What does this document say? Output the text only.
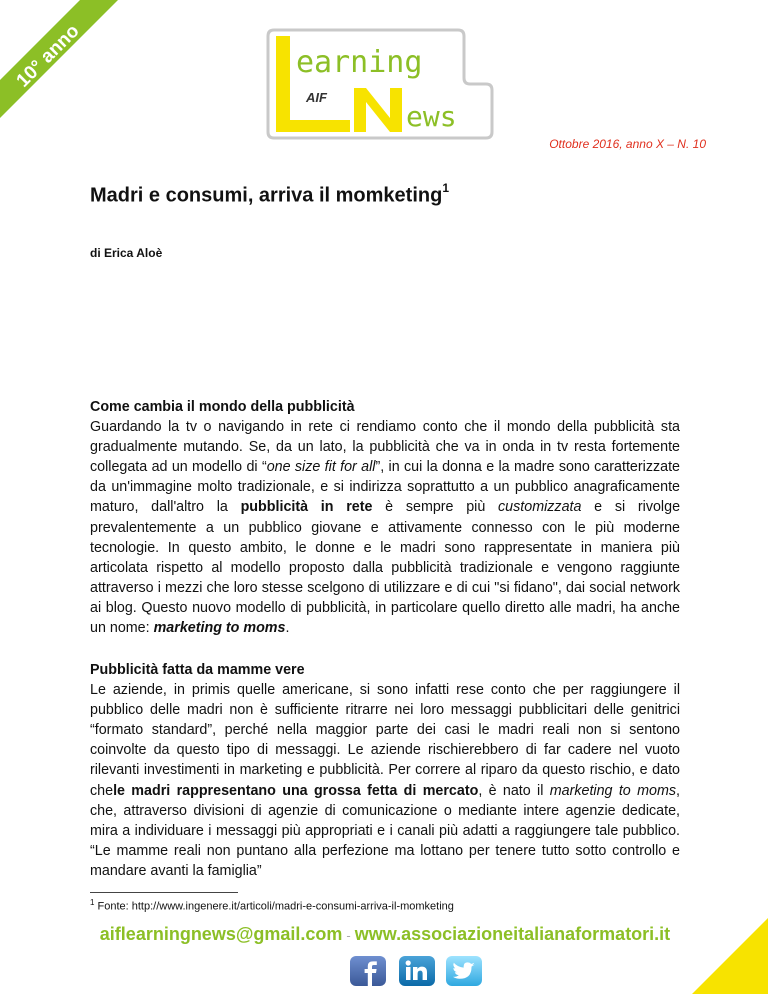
10° anno	earning
AIF
ews
Ottobre 2016, anno X – N. 10
Madri e consumi, arriva il momketing$^1$
di Erica Aloè
Come cambia il mondo della pubblicità

Guardando la tv o navigando in rete ci rendiamo conto che il mondo della pubblicità sta gradualmente mutando. Se, da un lato, la pubblicità che va in onda in tv resta fortemente collegata ad un modello di “one size fit for all”, in cui la donna e la madre sono caratterizzate da un'immagine molto tradizionale, e si indirizza soprattutto a un pubblico anagraficamente maturo, dall'altro la pubblicità in rete è sempre più customizzata e si rivolge prevalentemente a un pubblico giovane e attivamente connesso con le più moderne tecnologie. In questo ambito, le donne e le madri sono rappresentate in maniera più articolata rispetto al modello proposto dalla pubblicità tradizionale e vengono raggiunte attraverso i mezzi che loro stesse scelgono di utilizzare e di cui "si fidano", dai social network ai blog. Questo nuovo modello di pubblicità, in particolare quello diretto alle madri, ha anche un nome: marketing to moms.

Pubblicità fatta da mamme vere

Le aziende, in primis quelle americane, si sono infatti rese conto che per raggiungere il pubblico delle madri non è sufficiente ritrarre nei loro messaggi pubblicitari delle genitrici “formato standard”, perché nella maggior parte dei casi le madri reali non si sentono coinvolte da questo tipo di messaggi. Le aziende rischierebbero di far cadere nel vuoto rilevanti investimenti in marketing e pubblicità. Per correre al riparo da questo rischio, e dato chele madri rappresentano una grossa fetta di mercato, è nato il marketing to moms, che, attraverso divisioni di agenzie di comunicazione o mediante intere agenzie dedicate, mira a individuare i messaggi più appropriati e i canali più adatti a raggiungere tale pubblico. “Le mamme reali non puntano alla perfezione ma lottano per tenere tutto sotto controllo e mandare avanti la famiglia”

$^1$ Fonte: http://www.ingenere.it/articoli/madri-e-consumi-arriva-il-momketing
aiflearningnews@gmail.com - www.associazioneitalianaformatori.it
